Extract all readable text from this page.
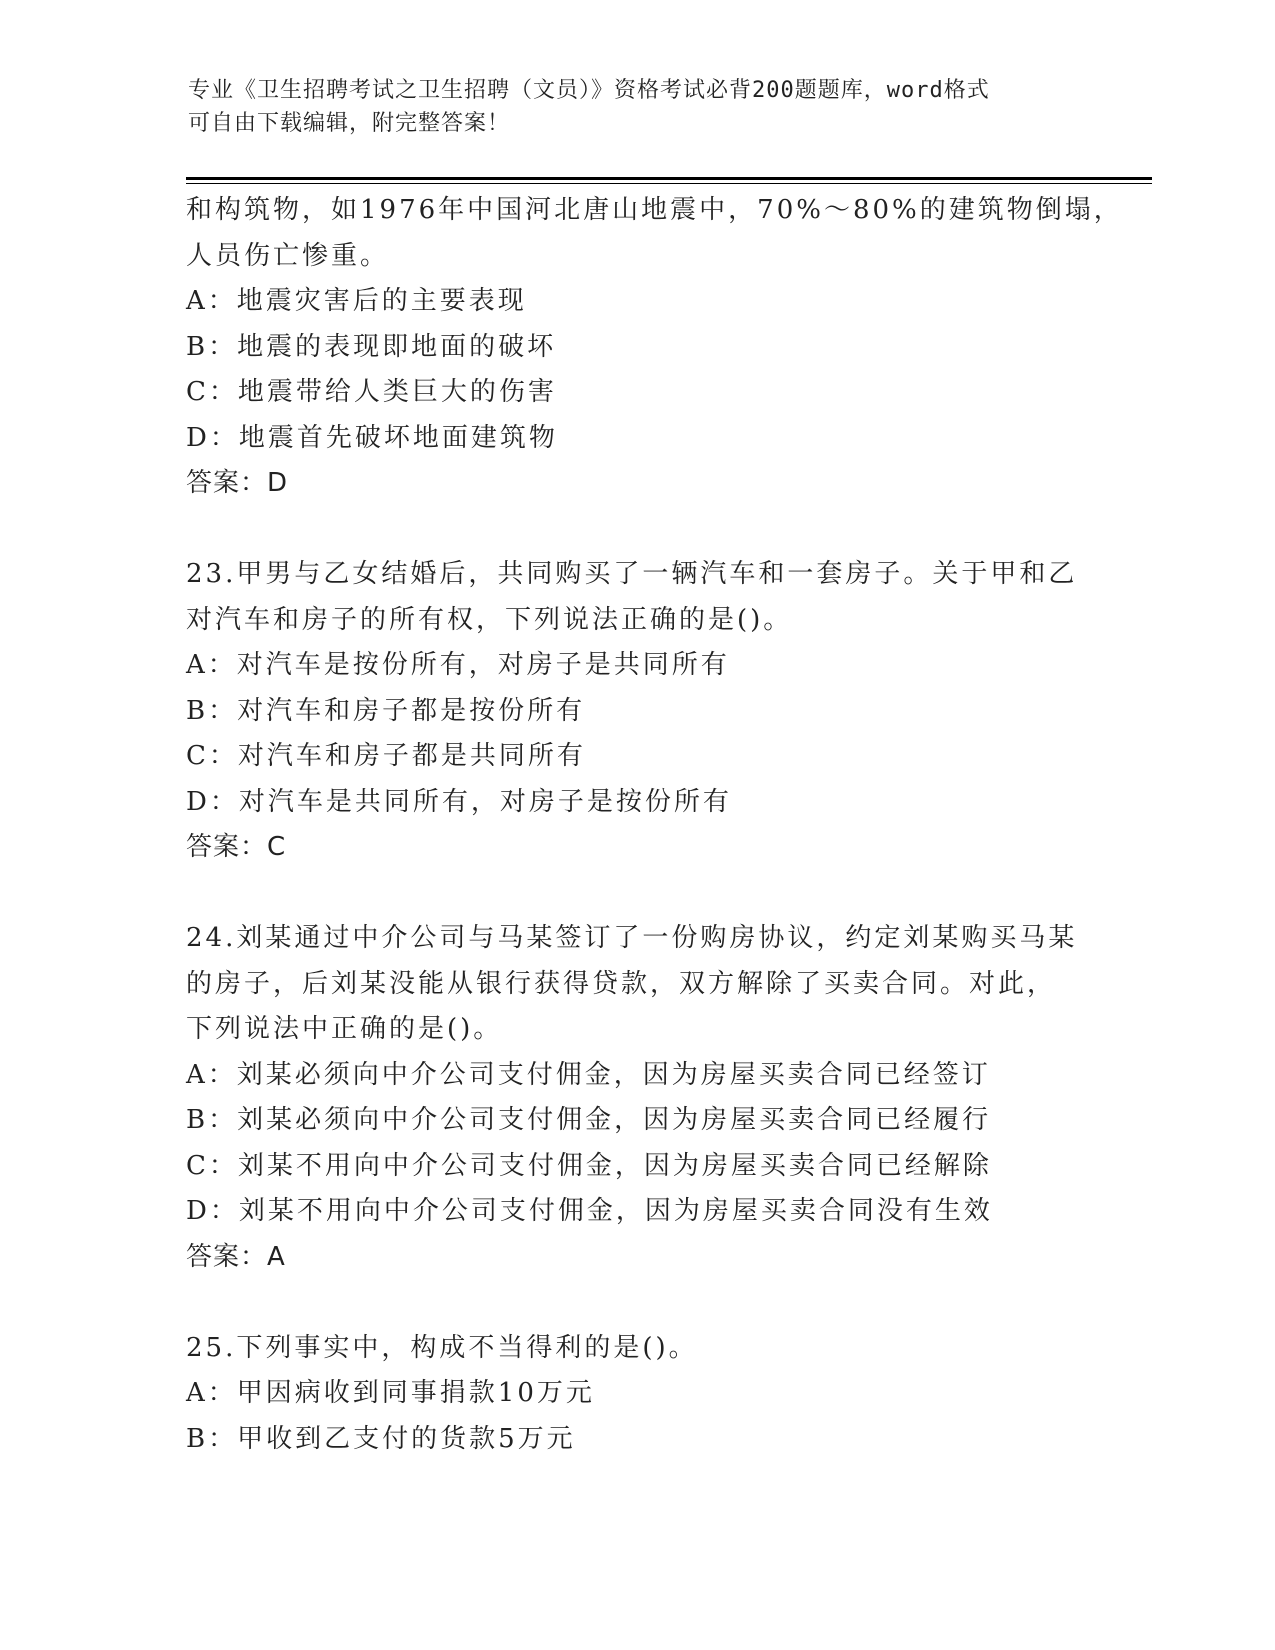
专业《卫生招聘考试之卫生招聘（文员）》资格考试必背200题题库，word格式
可自由下载编辑，附完整答案！
和构筑物，如1976年中国河北唐山地震中，70%～80%的建筑物倒塌，
人员伤亡惨重。
A：地震灾害后的主要表现
B：地震的表现即地面的破坏
C：地震带给人类巨大的伤害
D：地震首先破坏地面建筑物
答案：D
23.甲男与乙女结婚后，共同购买了一辆汽车和一套房子。关于甲和乙
对汽车和房子的所有权，下列说法正确的是()。
A：对汽车是按份所有，对房子是共同所有
B：对汽车和房子都是按份所有
C：对汽车和房子都是共同所有
D：对汽车是共同所有，对房子是按份所有
答案：C
24.刘某通过中介公司与马某签订了一份购房协议，约定刘某购买马某
的房子，后刘某没能从银行获得贷款，双方解除了买卖合同。对此，
下列说法中正确的是()。
A：刘某必须向中介公司支付佣金，因为房屋买卖合同已经签订
B：刘某必须向中介公司支付佣金，因为房屋买卖合同已经履行
C：刘某不用向中介公司支付佣金，因为房屋买卖合同已经解除
D：刘某不用向中介公司支付佣金，因为房屋买卖合同没有生效
答案：A
25.下列事实中，构成不当得利的是()。
A：甲因病收到同事捐款10万元
B：甲收到乙支付的货款5万元
